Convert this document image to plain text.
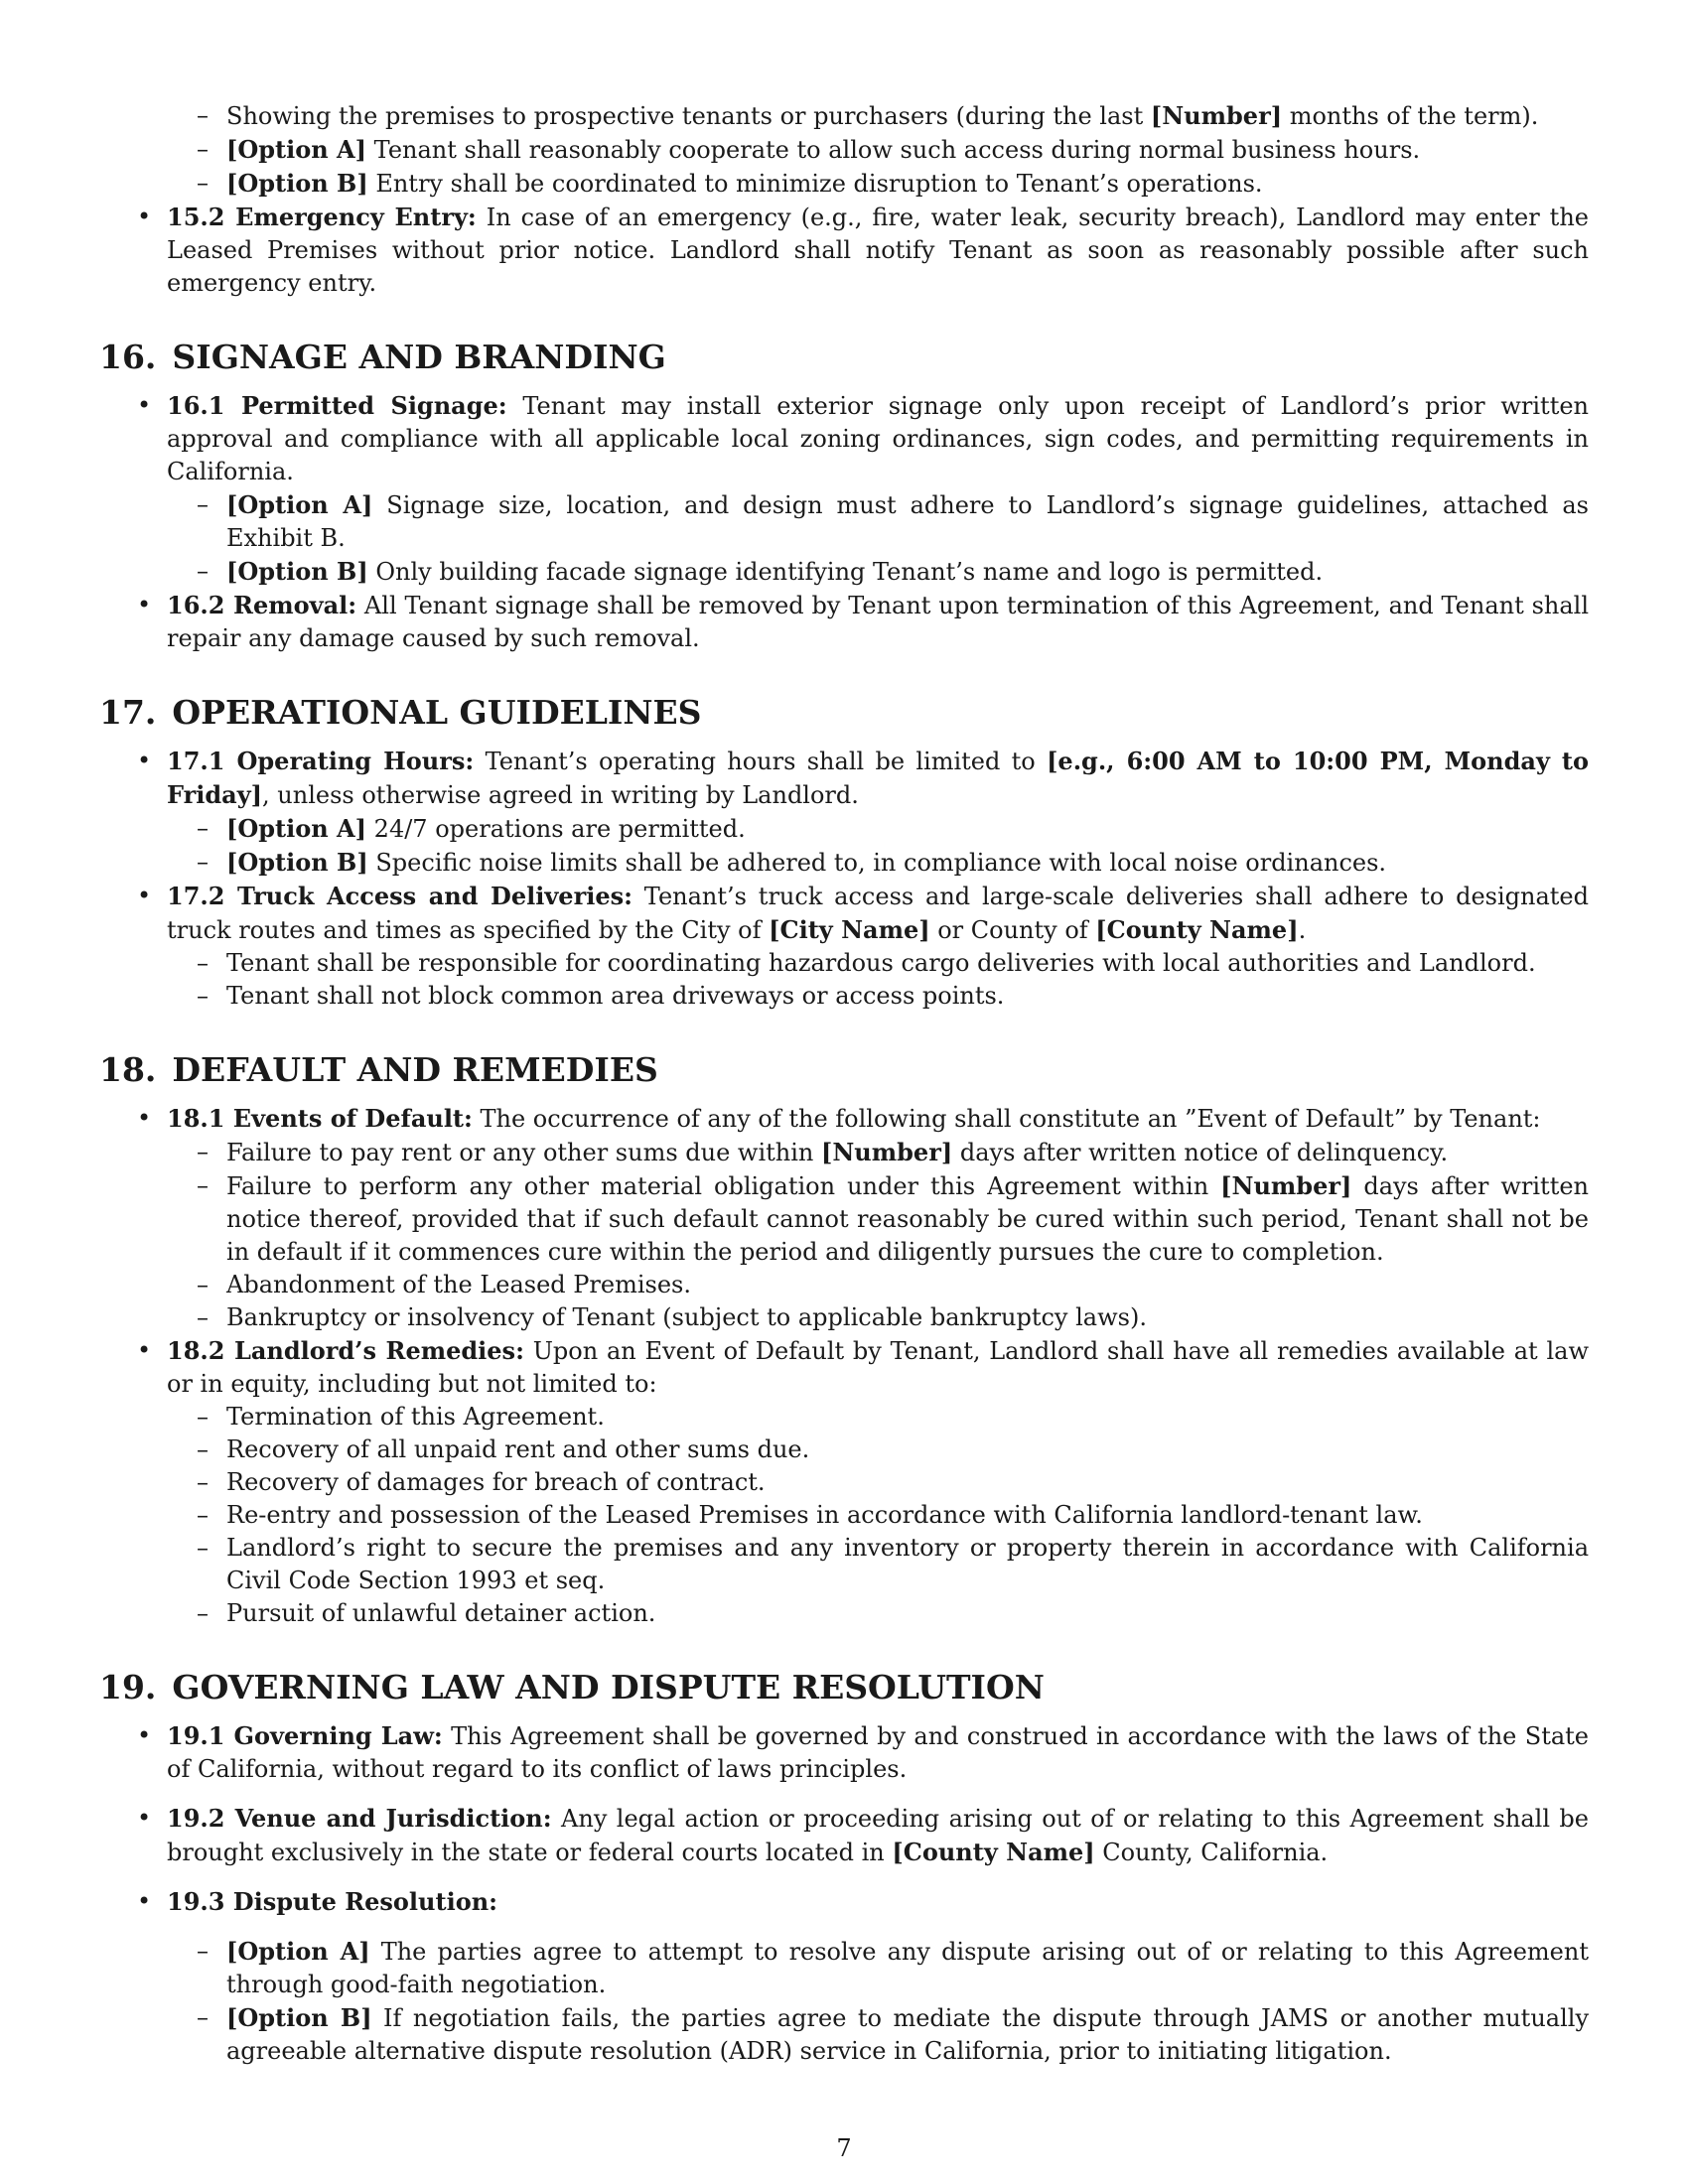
– Showing the premises to prospective tenants or purchasers (during the last [Number] months of the term).
– [Option A] Tenant shall reasonably cooperate to allow such access during normal business hours.
– [Option B] Entry shall be coordinated to minimize disruption to Tenant’s operations.
• 15.2 Emergency Entry: In case of an emergency (e.g., fire, water leak, security breach), Landlord may enter the Leased Premises without prior notice. Landlord shall notify Tenant as soon as reasonably possible after such emergency entry.
16. SIGNAGE AND BRANDING
• 16.1 Permitted Signage: Tenant may install exterior signage only upon receipt of Landlord’s prior written approval and compliance with all applicable local zoning ordinances, sign codes, and permitting requirements in California.
– [Option A] Signage size, location, and design must adhere to Landlord’s signage guidelines, attached as Exhibit B.
– [Option B] Only building facade signage identifying Tenant’s name and logo is permitted.
• 16.2 Removal: All Tenant signage shall be removed by Tenant upon termination of this Agreement, and Tenant shall repair any damage caused by such removal.
17. OPERATIONAL GUIDELINES
• 17.1 Operating Hours: Tenant’s operating hours shall be limited to [e.g., 6:00 AM to 10:00 PM, Monday to Friday], unless otherwise agreed in writing by Landlord.
– [Option A] 24/7 operations are permitted.
– [Option B] Specific noise limits shall be adhered to, in compliance with local noise ordinances.
• 17.2 Truck Access and Deliveries: Tenant’s truck access and large-scale deliveries shall adhere to designated truck routes and times as specified by the City of [City Name] or County of [County Name].
– Tenant shall be responsible for coordinating hazardous cargo deliveries with local authorities and Landlord.
– Tenant shall not block common area driveways or access points.
18. DEFAULT AND REMEDIES
• 18.1 Events of Default: The occurrence of any of the following shall constitute an ”Event of Default” by Tenant:
– Failure to pay rent or any other sums due within [Number] days after written notice of delinquency.
– Failure to perform any other material obligation under this Agreement within [Number] days after written notice thereof, provided that if such default cannot reasonably be cured within such period, Tenant shall not be in default if it commences cure within the period and diligently pursues the cure to completion.
– Abandonment of the Leased Premises.
– Bankruptcy or insolvency of Tenant (subject to applicable bankruptcy laws).
• 18.2 Landlord’s Remedies: Upon an Event of Default by Tenant, Landlord shall have all remedies available at law or in equity, including but not limited to:
– Termination of this Agreement.
– Recovery of all unpaid rent and other sums due.
– Recovery of damages for breach of contract.
– Re-entry and possession of the Leased Premises in accordance with California landlord-tenant law.
– Landlord’s right to secure the premises and any inventory or property therein in accordance with California Civil Code Section 1993 et seq.
– Pursuit of unlawful detainer action.
19. GOVERNING LAW AND DISPUTE RESOLUTION
• 19.1 Governing Law: This Agreement shall be governed by and construed in accordance with the laws of the State of California, without regard to its conflict of laws principles.
• 19.2 Venue and Jurisdiction: Any legal action or proceeding arising out of or relating to this Agreement shall be brought exclusively in the state or federal courts located in [County Name] County, California.
• 19.3 Dispute Resolution:
– [Option A] The parties agree to attempt to resolve any dispute arising out of or relating to this Agreement through good-faith negotiation.
– [Option B] If negotiation fails, the parties agree to mediate the dispute through JAMS or another mutually agreeable alternative dispute resolution (ADR) service in California, prior to initiating litigation.
7
